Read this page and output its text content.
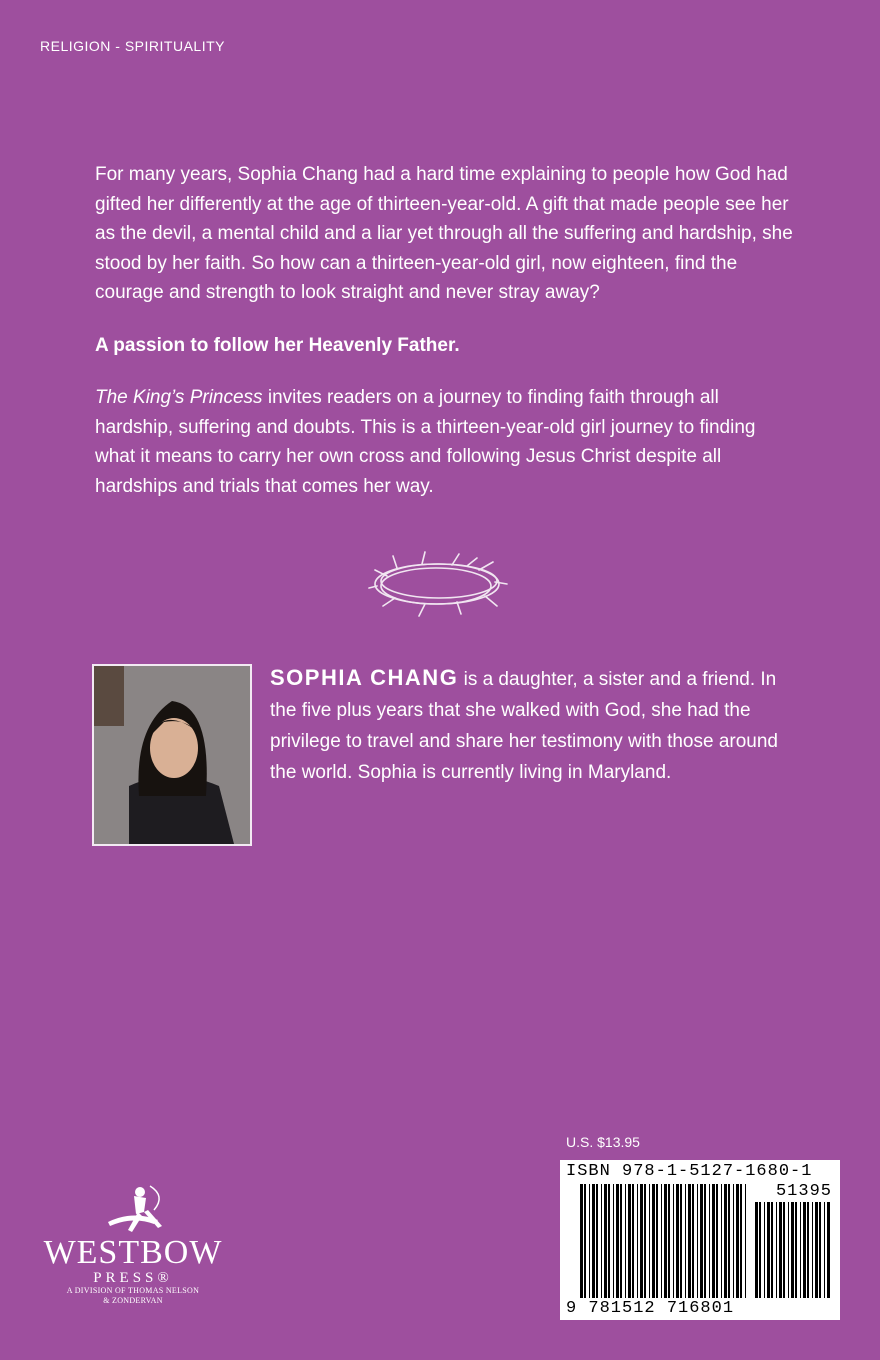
RELIGION - SPIRITUALITY

For many years, Sophia Chang had a hard time explaining to people how God had gifted her differently at the age of thirteen-year-old. A gift that made people see her as the devil, a mental child and a liar yet through all the suffering and hardship, she stood by her faith. So how can a thirteen-year-old girl, now eighteen, find the courage and strength to look straight and never stray away?

A passion to follow her Heavenly Father.

The King’s Princess invites readers on a journey to finding faith through all hardship, suffering and doubts. This is a thirteen-year-old girl journey to finding what it means to carry her own cross and following Jesus Christ despite all hardships and trials that comes her way.

SOPHIA CHANG is a daughter, a sister and a friend. In the five plus years that she walked with God, she had the privilege to travel and share her testimony with those around the world. Sophia is currently living in Maryland.
U.S. $13.95
ISBN 978-1-5127-1680-1
51395
9 781512 716801
WESTBOW
PRESS®
A DIVISION OF THOMAS NELSON
& ZONDERVAN
